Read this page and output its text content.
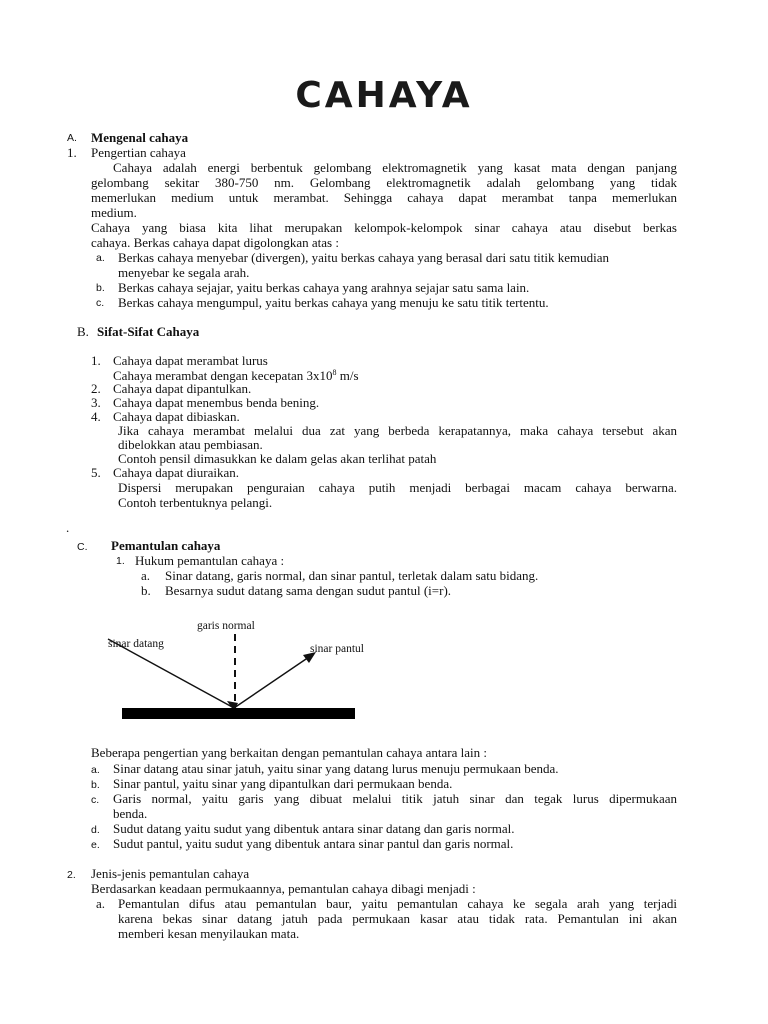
CAHAYA
A. Mengenal cahaya
1. Pengertian cahaya
Cahaya adalah energi berbentuk gelombang elektromagnetik yang kasat mata dengan panjang
gelombang sekitar 380-750 nm. Gelombang elektromagnetik adalah gelombang yang tidak
memerlukan medium untuk merambat. Sehingga cahaya dapat merambat tanpa memerlukan
medium.
Cahaya yang biasa kita lihat merupakan kelompok-kelompok sinar cahaya atau disebut berkas
cahaya. Berkas cahaya dapat digolongkan atas :
a. Berkas cahaya menyebar (divergen), yaitu berkas cahaya yang berasal dari satu titik kemudian
menyebar ke segala arah.
b. Berkas cahaya sejajar, yaitu berkas cahaya yang arahnya sejajar satu sama lain.
c. Berkas cahaya mengumpul, yaitu berkas cahaya yang menuju ke satu titik tertentu.
B. Sifat-Sifat Cahaya
1. Cahaya dapat merambat lurus
Cahaya merambat dengan kecepatan $3x10^8$ m/s
2. Cahaya dapat dipantulkan.
3. Cahaya dapat menembus benda bening.
4. Cahaya dapat dibiaskan.
Jika cahaya merambat melalui dua zat yang berbeda kerapatannya, maka cahaya tersebut akan
dibelokkan atau pembiasan.
Contoh pensil dimasukkan ke dalam gelas akan terlihat patah
5. Cahaya dapat diuraikan.
Dispersi merupakan penguraian cahaya putih menjadi berbagai macam cahaya berwarna.
Contoh terbentuknya pelangi.
.
C. Pemantulan cahaya
1. Hukum pemantulan cahaya :
a. Sinar datang, garis normal, dan sinar pantul, terletak dalam satu bidang.
b. Besarnya sudut datang sama dengan sudut pantul (i=r).
garis normal
sinar datang	sinar pantul
Beberapa pengertian yang berkaitan dengan pemantulan cahaya antara lain :
a. Sinar datang atau sinar jatuh, yaitu sinar yang datang lurus menuju permukaan benda.
b. Sinar pantul, yaitu sinar yang dipantulkan dari permukaan benda.
c. Garis normal, yaitu garis yang dibuat melalui titik jatuh sinar dan tegak lurus dipermukaan
benda.
d. Sudut datang yaitu sudut yang dibentuk antara sinar datang dan garis normal.
e. Sudut pantul, yaitu sudut yang dibentuk antara sinar pantul dan garis normal.
2. Jenis-jenis pemantulan cahaya
Berdasarkan keadaan permukaannya, pemantulan cahaya dibagi menjadi :
a. Pemantulan difus atau pemantulan baur, yaitu pemantulan cahaya ke segala arah yang terjadi
karena bekas sinar datang jatuh pada permukaan kasar atau tidak rata. Pemantulan ini akan
memberi kesan menyilaukan mata.
